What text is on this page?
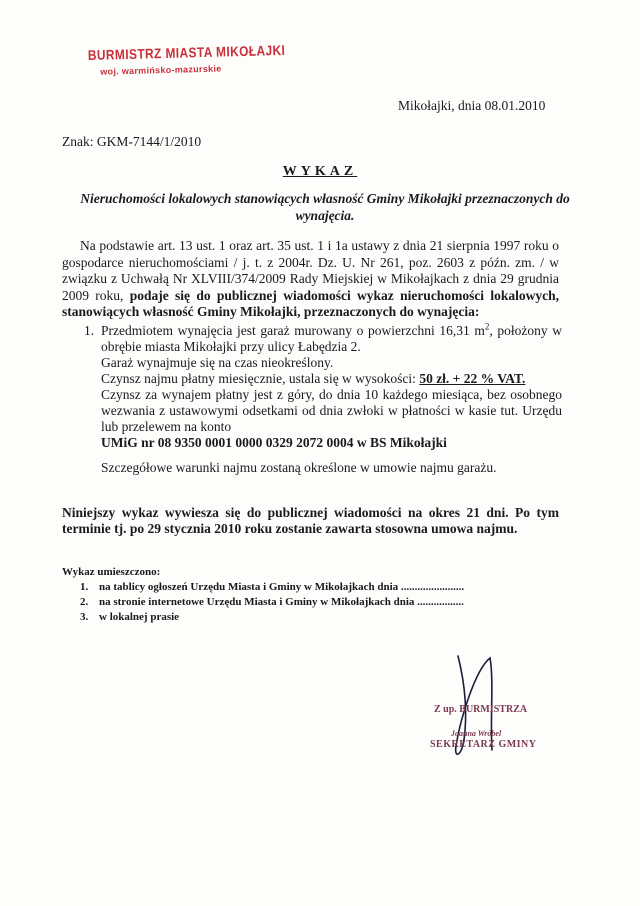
BURMISTRZ MIASTA MIKOŁAJKI
woj. warmińsko-mazurskie
Mikołajki, dnia 08.01.2010
Znak: GKM-7144/1/2010
WYKAZ
Nieruchomości lokalowych stanowiących własność Gminy Mikołajki przeznaczonych do wynajęcia.
Na podstawie art. 13 ust. 1 oraz art. 35 ust. 1 i 1a ustawy z dnia 21 sierpnia 1997 roku o gospodarce nieruchomościami / j. t. z 2004r. Dz. U. Nr 261, poz. 2603 z późn. zm. / w związku z Uchwałą Nr XLVIII/374/2009 Rady Miejskiej w Mikołajkach z dnia 29 grudnia 2009 roku, podaje się do publicznej wiadomości wykaz nieruchomości lokalowych, stanowiących własność Gminy Mikołajki, przeznaczonych do wynajęcia:
1. Przedmiotem wynajęcia jest garaż murowany o powierzchni 16,31 $m^2$, położony w obrębie miasta Mikołajki przy ulicy Łabędzia 2.

Garaż wynajmuje się na czas nieokreślony.

Czynsz najmu płatny miesięcznie, ustala się w wysokości: 50 zł. + 22 % VAT.

Czynsz za wynajem płatny jest z góry, do dnia 10 każdego miesiąca, bez osobnego wezwania z ustawowymi odsetkami od dnia zwłoki w płatności w kasie tut. Urzędu lub przelewem na konto

UMiG nr 08 9350 0001 0000 0329 2072 0004 w BS Mikołajki

Szczegółowe warunki najmu zostaną określone w umowie najmu garażu.
Niniejszy wykaz wywiesza się do publicznej wiadomości na okres 21 dni. Po tym terminie tj. po 29 stycznia 2010 roku zostanie zawarta stosowna umowa najmu.
Wykaz umieszczono:
1. na tablicy ogłoszeń Urzędu Miasta i Gminy w Mikołajkach dnia .......................
2. na stronie internetowe Urzędu Miasta i Gminy w Mikołajkach dnia .................
3. w lokalnej prasie
Z up. BURMISTRZA
Joanna Wróbel
SEKRETARZ GMINY
